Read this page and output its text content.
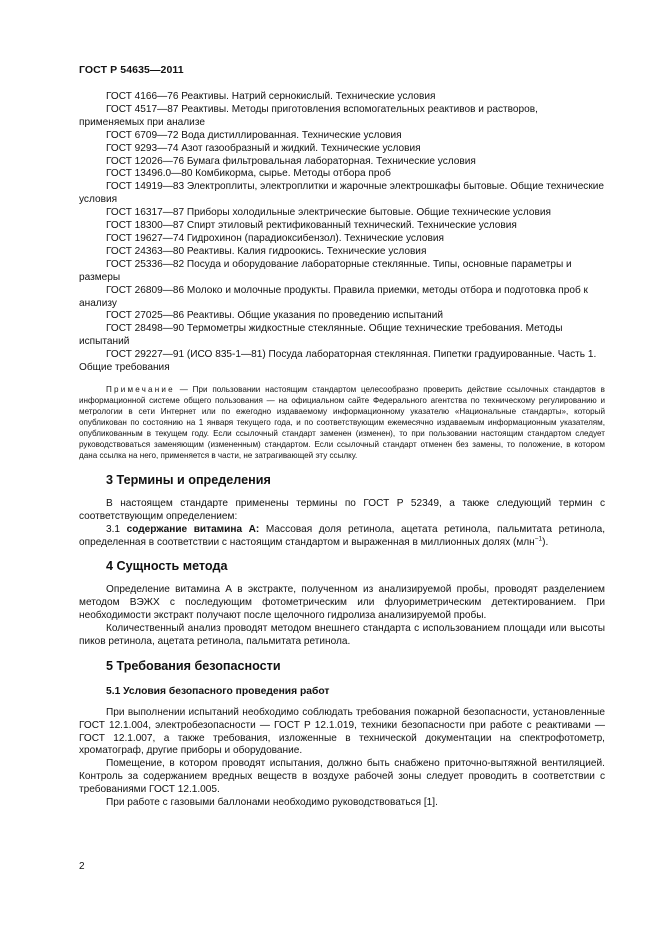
ГОСТ Р 54635—2011

ГОСТ 4166—76 Реактивы. Натрий сернокислый. Технические условия

ГОСТ 4517—87 Реактивы. Методы приготовления вспомогательных реактивов и растворов, применяемых при анализе

ГОСТ 6709—72 Вода дистиллированная. Технические условия

ГОСТ 9293—74 Азот газообразный и жидкий. Технические условия

ГОСТ 12026—76 Бумага фильтровальная лабораторная. Технические условия

ГОСТ 13496.0—80 Комбикорма, сырье. Методы отбора проб

ГОСТ 14919—83 Электроплиты, электроплитки и жарочные электрошкафы бытовые. Общие технические условия

ГОСТ 16317—87 Приборы холодильные электрические бытовые. Общие технические условия

ГОСТ 18300—87 Спирт этиловый ректификованный технический. Технические условия

ГОСТ 19627—74 Гидрохинон (парадиоксибензол). Технические условия

ГОСТ 24363—80 Реактивы. Калия гидроокись. Технические условия

ГОСТ 25336—82 Посуда и оборудование лабораторные стеклянные. Типы, основные параметры и размеры

ГОСТ 26809—86 Молоко и молочные продукты. Правила приемки, методы отбора и подготовка проб к анализу

ГОСТ 27025—86 Реактивы. Общие указания по проведению испытаний

ГОСТ 28498—90 Термометры жидкостные стеклянные. Общие технические требования. Методы испытаний

ГОСТ 29227—91 (ИСО 835-1—81) Посуда лабораторная стеклянная. Пипетки градуированные. Часть 1. Общие требования

Примечание — При пользовании настоящим стандартом целесообразно проверить действие ссылочных стандартов в информационной системе общего пользования — на официальном сайте Федерального агентства по техническому регулированию и метрологии в сети Интернет или по ежегодно издаваемому информационному указателю «Национальные стандарты», который опубликован по состоянию на 1 января текущего года, и по соответствующим ежемесячно издаваемым информационным указателям, опубликованным в текущем году. Если ссылочный стандарт заменен (изменен), то при пользовании настоящим стандартом следует руководствоваться заменяющим (измененным) стандартом. Если ссылочный стандарт отменен без замены, то положение, в котором дана ссылка на него, применяется в части, не затрагивающей эту ссылку.

3 Термины и определения

В настоящем стандарте применены термины по ГОСТ Р 52349, а также следующий термин с соответствующим определением:

3.1 содержание витамина А: Массовая доля ретинола, ацетата ретинола, пальмитата ретинола, определенная в соответствии с настоящим стандартом и выраженная в миллионных долях (млн$^{-1}$).

4 Сущность метода

Определение витамина А в экстракте, полученном из анализируемой пробы, проводят разделением методом ВЭЖХ с последующим фотометрическим или флуориметрическим детектированием. При необходимости экстракт получают после щелочного гидролиза анализируемой пробы.

Количественный анализ проводят методом внешнего стандарта с использованием площади или высоты пиков ретинола, ацетата ретинола, пальмитата ретинола.

5 Требования безопасности
5.1 Условия безопасного проведения работ

При выполнении испытаний необходимо соблюдать требования пожарной безопасности, установленные ГОСТ 12.1.004, электробезопасности — ГОСТ Р 12.1.019, техники безопасности при работе с реактивами — ГОСТ 12.1.007, а также требования, изложенные в технической документации на спектрофотометр, хроматограф, другие приборы и оборудование.

Помещение, в котором проводят испытания, должно быть снабжено приточно-вытяжной вентиляцией. Контроль за содержанием вредных веществ в воздухе рабочей зоны следует проводить в соответствии с требованиями ГОСТ 12.1.005.

При работе с газовыми баллонами необходимо руководствоваться [1].

2
